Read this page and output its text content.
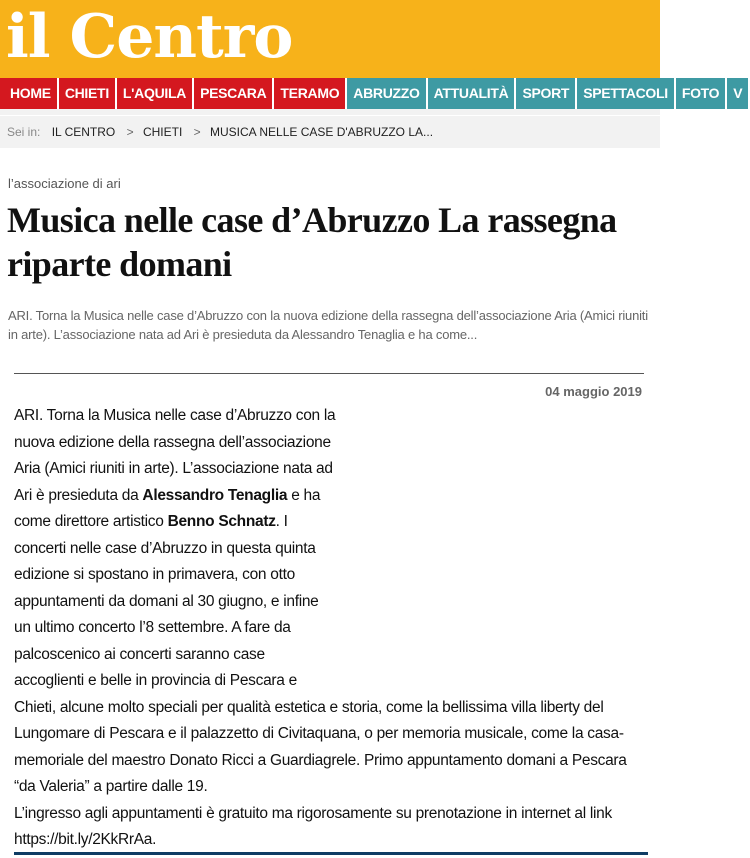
il Centro
HOME CHIETI L'AQUILA PESCARA TERAMO ABRUZZO ATTUALITÀ SPORT SPETTACOLI FOTO V
Sei in: IL CENTRO > CHIETI > MUSICA NELLE CASE D'ABRUZZO LA...
l’associazione di ari
Musica nelle case d’Abruzzo La rassegna riparte domani

ARI. Torna la Musica nelle case d’Abruzzo con la nuova edizione della rassegna dell’associazione Aria (Amici riuniti in arte). L’associazione nata ad Ari è presieduta da Alessandro Tenaglia e ha come...

04 maggio 2019

ARI. Torna la Musica nelle case d’Abruzzo con la nuova edizione della rassegna dell’associazione Aria (Amici riuniti in arte). L’associazione nata ad Ari è presieduta da Alessandro Tenaglia e ha come direttore artistico Benno Schnatz. I concerti nelle case d’Abruzzo in questa quinta edizione si spostano in primavera, con otto appuntamenti da domani al 30 giugno, e infine un ultimo concerto l’8 settembre. A fare da palcoscenico ai concerti saranno case accoglienti e belle in provincia di Pescara e Chieti, alcune molto speciali per qualità estetica e storia, come la bellissima villa liberty del Lungomare di Pescara e il palazzetto di Civitaquana, o per memoria musicale, come la casa-memoriale del maestro Donato Ricci a Guardiagrele. Primo appuntamento domani a Pescara “da Valeria” a partire dalle 19.

L’ingresso agli appuntamenti è gratuito ma rigorosamente su prenotazione in internet al link https://bit.ly/2KkRrAa.
